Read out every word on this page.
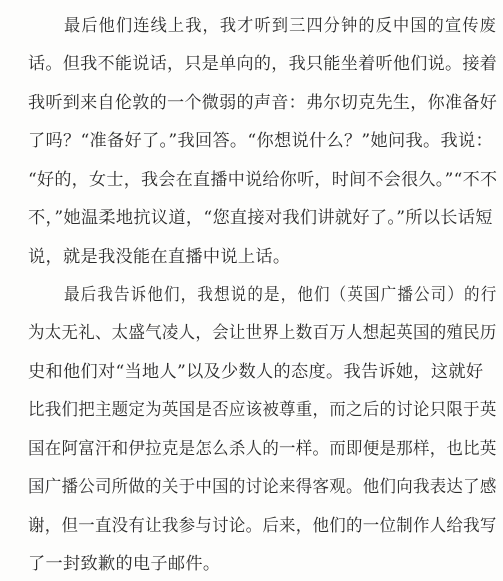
最后他们连线上我，我才听到三四分钟的反中国的宣传废
话。但我不能说话，只是单向的，我只能坐着听他们说。接着
我听到来自伦敦的一个微弱的声音：弗尔切克先生，你准备好
了吗？“准备好了。”我回答。“你想说什么？”她问我。我说：
“好的，女士，我会在直播中说给你听，时间不会很久。”“不不
不，”她温柔地抗议道，“您直接对我们讲就好了。”所以长话短
说，就是我没能在直播中说上话。
最后我告诉他们，我想说的是，他们（英国广播公司）的行
为太无礼、太盛气凌人，会让世界上数百万人想起英国的殖民历
史和他们对“当地人”以及少数人的态度。我告诉她，这就好
比我们把主题定为英国是否应该被尊重，而之后的讨论只限于英
国在阿富汗和伊拉克是怎么杀人的一样。而即便是那样，也比英
国广播公司所做的关于中国的讨论来得客观。他们向我表达了感
谢，但一直没有让我参与讨论。后来，他们的一位制作人给我写
了一封致歉的电子邮件。
